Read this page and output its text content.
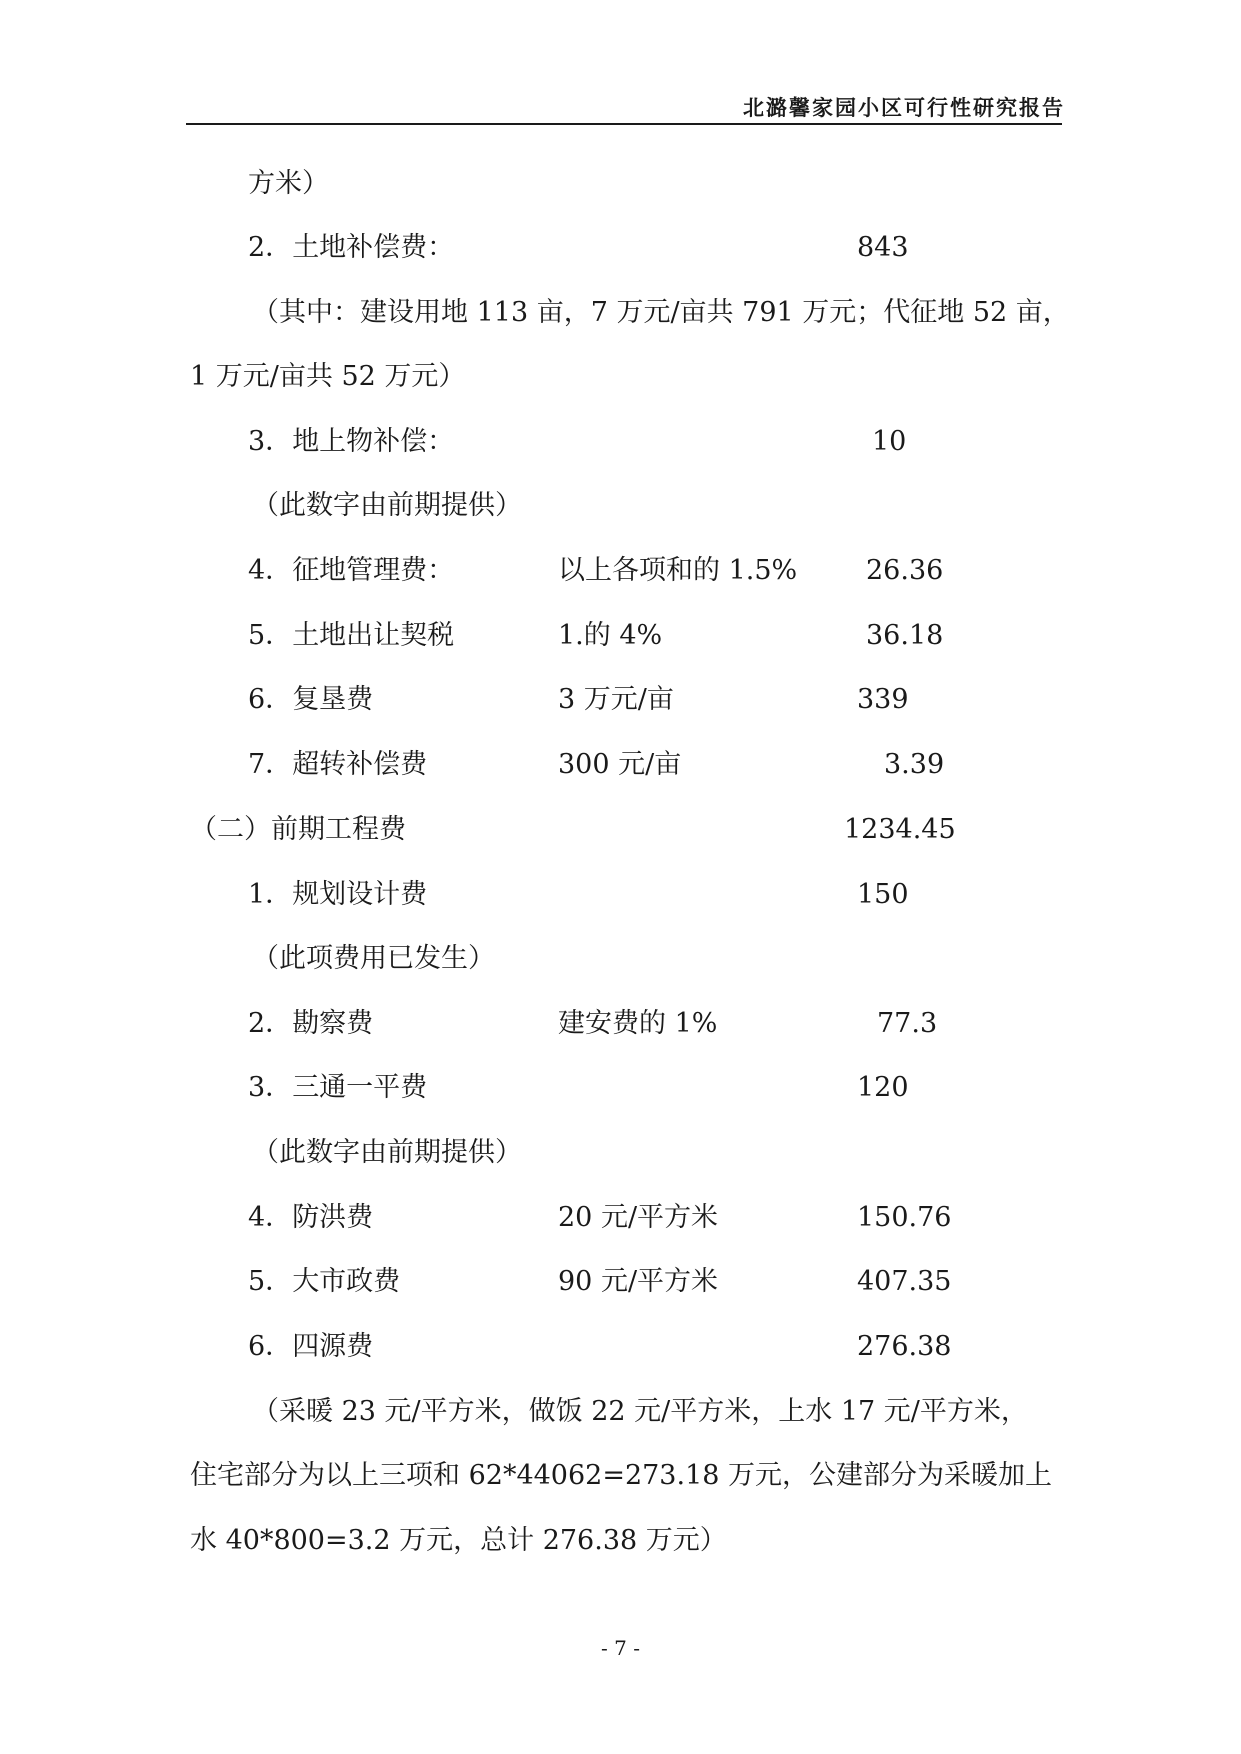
北潞馨家园小区可行性研究报告
方米）
2．土地补偿费：	843
（其中：建设用地 113 亩，7 万元/亩共 791 万元；代征地 52 亩，
1 万元/亩共 52 万元）
3．地上物补偿：	10
（此数字由前期提供）
4．征地管理费：	以上各项和的 1.5%	26.36
5．土地出让契税	1.的 4%	36.18
6．复垦费	3 万元/亩	339
7．超转补偿费	300 元/亩	3.39
（二）前期工程费	1234.45
1．规划设计费	150
（此项费用已发生）
2．勘察费	建安费的 1%	77.3
3．三通一平费	120
（此数字由前期提供）
4．防洪费	20 元/平方米	150.76
5．大市政费	90 元/平方米	407.35
6．四源费	276.38
（采暖 23 元/平方米，做饭 22 元/平方米，上水 17 元/平方米，
住宅部分为以上三项和 62*44062=273.18 万元，公建部分为采暖加上
水 40*800=3.2 万元，总计 276.38 万元）
- 7 -
